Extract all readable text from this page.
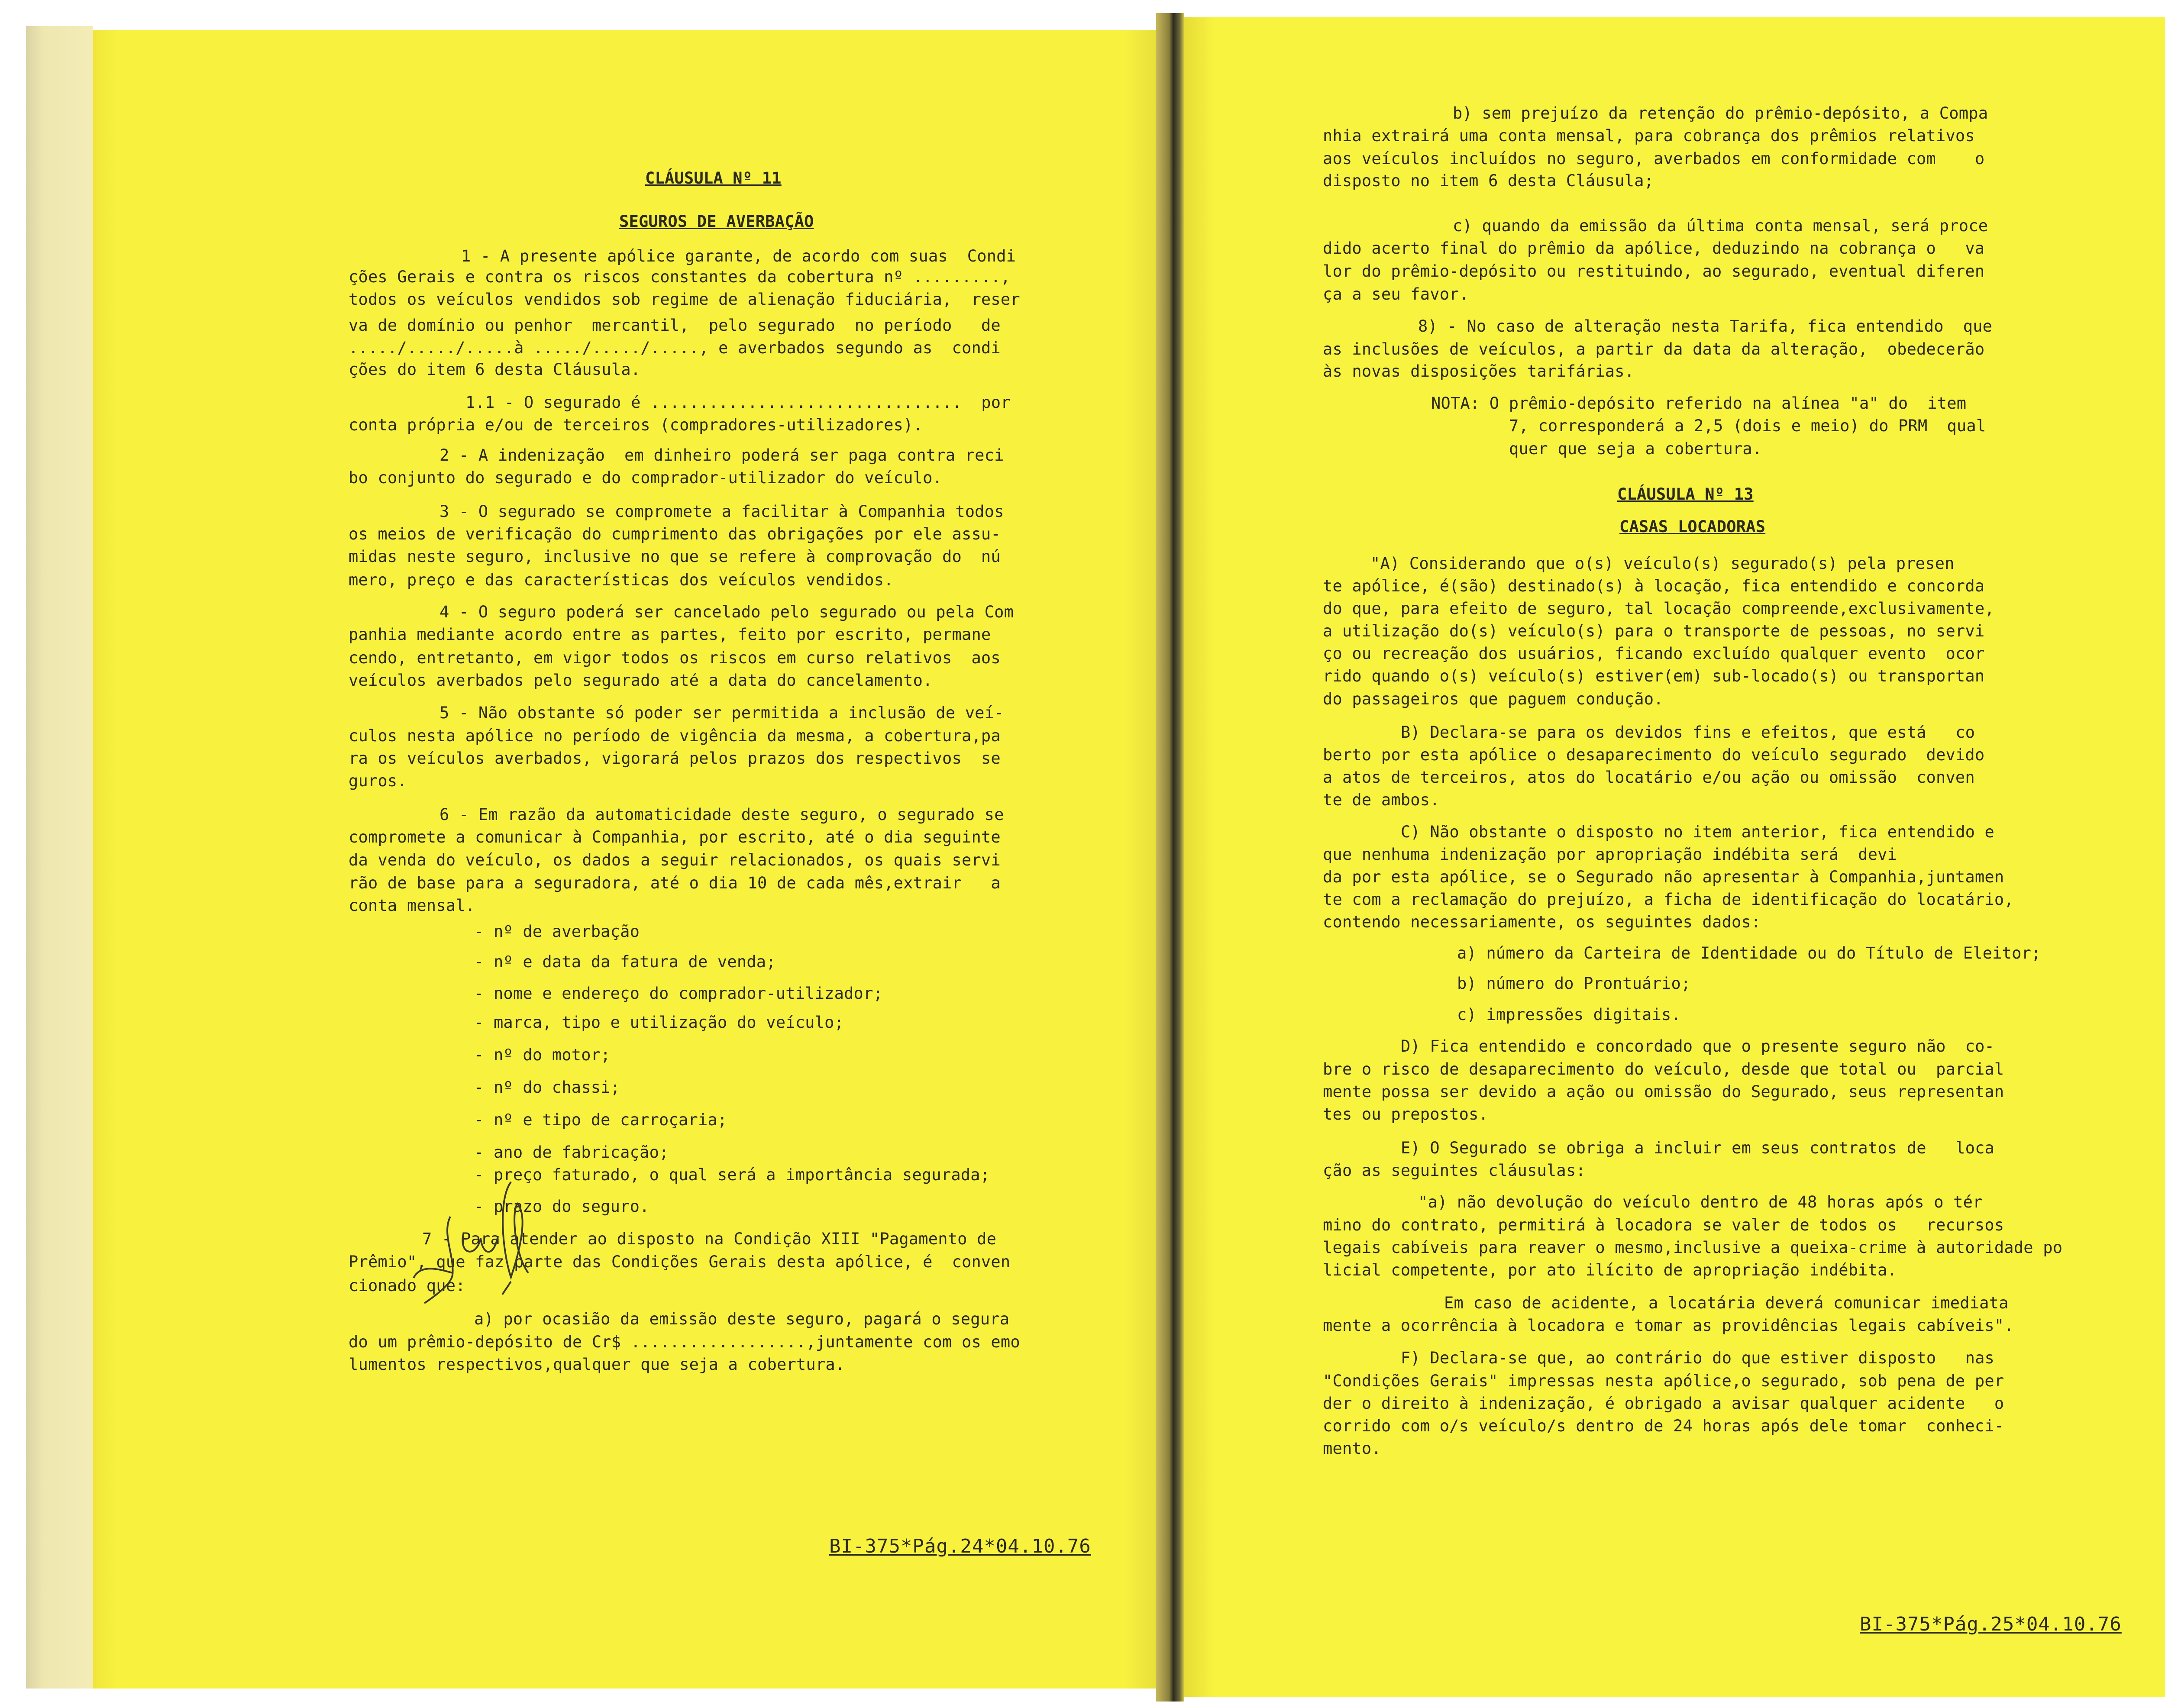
CLÁUSULA Nº 11
SEGUROS DE AVERBAÇÃO
1 - A presente apólice garante, de acordo com suas  Condi
ções Gerais e contra os riscos constantes da cobertura nº .........,
todos os veículos vendidos sob regime de alienação fiduciária,  reser
va de domínio ou penhor  mercantil,  pelo segurado  no período   de
...../...../.....à ...../...../....., e averbados segundo as  condi
ções do item 6 desta Cláusula.
1.1 - O segurado é ................................  por
conta própria e/ou de terceiros (compradores-utilizadores).
2 - A indenização  em dinheiro poderá ser paga contra reci
bo conjunto do segurado e do comprador-utilizador do veículo.
3 - O segurado se compromete a facilitar à Companhia todos
os meios de verificação do cumprimento das obrigações por ele assu-
midas neste seguro, inclusive no que se refere à comprovação do  nú
mero, preço e das características dos veículos vendidos.
4 - O seguro poderá ser cancelado pelo segurado ou pela Com
panhia mediante acordo entre as partes, feito por escrito, permane
cendo, entretanto, em vigor todos os riscos em curso relativos  aos
veículos averbados pelo segurado até a data do cancelamento.
5 - Não obstante só poder ser permitida a inclusão de veí-
culos nesta apólice no período de vigência da mesma, a cobertura,pa
ra os veículos averbados, vigorará pelos prazos dos respectivos  se
guros.
6 - Em razão da automaticidade deste seguro, o segurado se
compromete a comunicar à Companhia, por escrito, até o dia seguinte
da venda do veículo, os dados a seguir relacionados, os quais servi
rão de base para a seguradora, até o dia 10 de cada mês,extrair   a
conta mensal.
- nº de averbação
- nº e data da fatura de venda;
- nome e endereço do comprador-utilizador;
- marca, tipo e utilização do veículo;
- nº do motor;
- nº do chassi;
- nº e tipo de carroçaria;
- ano de fabricação;
- preço faturado, o qual será a importância segurada;
- prazo do seguro.
7 - Para atender ao disposto na Condição XIII "Pagamento de
Prêmio", que faz parte das Condições Gerais desta apólice, é  conven
cionado que:
a) por ocasião da emissão deste seguro, pagará o segura
do um prêmio-depósito de Cr$ ..................,juntamente com os emo
lumentos respectivos,qualquer que seja a cobertura.
BI-375*Pág.24*04.10.76
b) sem prejuízo da retenção do prêmio-depósito, a Compa
nhia extrairá uma conta mensal, para cobrança dos prêmios relativos
aos veículos incluídos no seguro, averbados em conformidade com    o
disposto no item 6 desta Cláusula;
c) quando da emissão da última conta mensal, será proce
dido acerto final do prêmio da apólice, deduzindo na cobrança o   va
lor do prêmio-depósito ou restituindo, ao segurado, eventual diferen
ça a seu favor.
8) - No caso de alteração nesta Tarifa, fica entendido  que
as inclusões de veículos, a partir da data da alteração,  obedecerão
às novas disposições tarifárias.
NOTA: O prêmio-depósito referido na alínea "a" do  item
7, corresponderá a 2,5 (dois e meio) do PRM  qual
quer que seja a cobertura.
CLÁUSULA Nº 13
CASAS LOCADORAS
"A) Considerando que o(s) veículo(s) segurado(s) pela presen
te apólice, é(são) destinado(s) à locação, fica entendido e concorda
do que, para efeito de seguro, tal locação compreende,exclusivamente,
a utilização do(s) veículo(s) para o transporte de pessoas, no servi
ço ou recreação dos usuários, ficando excluído qualquer evento  ocor
rido quando o(s) veículo(s) estiver(em) sub-locado(s) ou transportan
do passageiros que paguem condução.
B) Declara-se para os devidos fins e efeitos, que está   co
berto por esta apólice o desaparecimento do veículo segurado  devido
a atos de terceiros, atos do locatário e/ou ação ou omissão  conven
te de ambos.
C) Não obstante o disposto no item anterior, fica entendido e
que nenhuma indenização por apropriação indébita será  devi
da por esta apólice, se o Segurado não apresentar à Companhia,juntamen
te com a reclamação do prejuízo, a ficha de identificação do locatário,
contendo necessariamente, os seguintes dados:
a) número da Carteira de Identidade ou do Título de Eleitor;
b) número do Prontuário;
c) impressões digitais.
D) Fica entendido e concordado que o presente seguro não  co-
bre o risco de desaparecimento do veículo, desde que total ou  parcial
mente possa ser devido a ação ou omissão do Segurado, seus representan
tes ou prepostos.
E) O Segurado se obriga a incluir em seus contratos de   loca
ção as seguintes cláusulas:
"a) não devolução do veículo dentro de 48 horas após o tér
mino do contrato, permitirá à locadora se valer de todos os   recursos
legais cabíveis para reaver o mesmo,inclusive a queixa-crime à autoridade po
licial competente, por ato ilícito de apropriação indébita.
Em caso de acidente, a locatária deverá comunicar imediata
mente a ocorrência à locadora e tomar as providências legais cabíveis".
F) Declara-se que, ao contrário do que estiver disposto   nas
"Condições Gerais" impressas nesta apólice,o segurado, sob pena de per
der o direito à indenização, é obrigado a avisar qualquer acidente   o
corrido com o/s veículo/s dentro de 24 horas após dele tomar  conheci-
mento.
BI-375*Pág.25*04.10.76
